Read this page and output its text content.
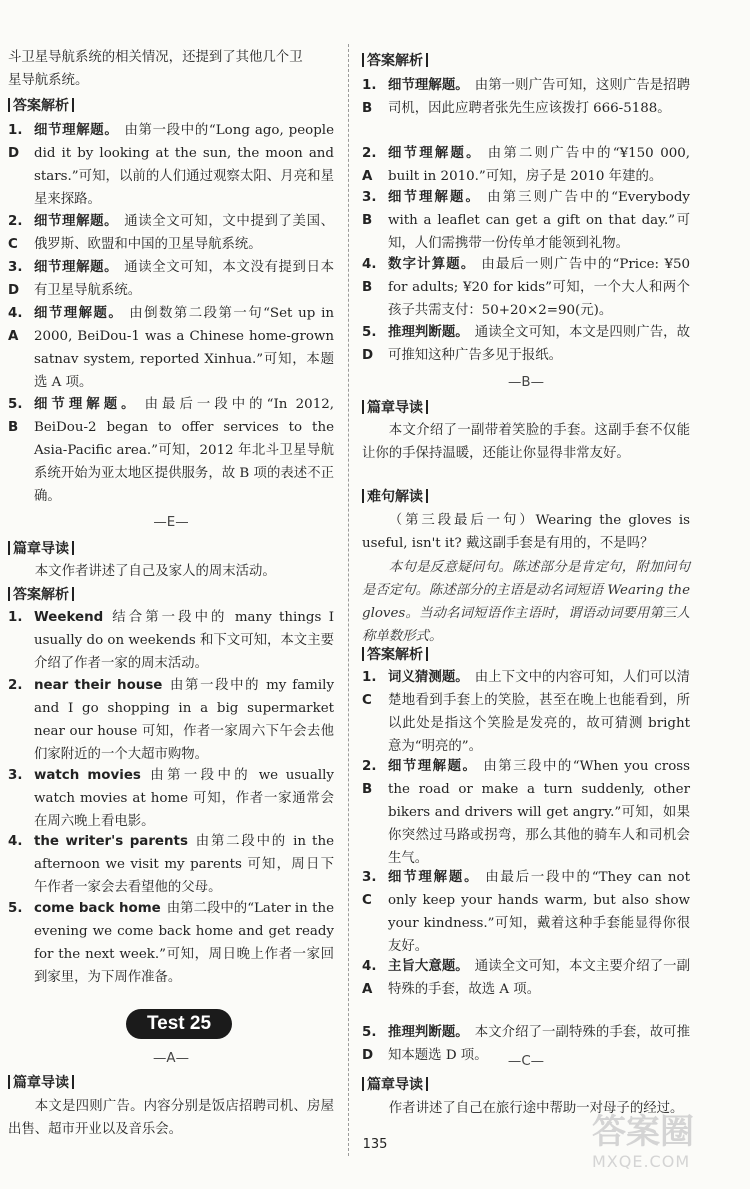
斗卫星导航系统的相关情况，还提到了其他几个卫
星导航系统。
答案解析
1. D
细节理解题。 由第一段中的“Long ago, people did it by looking at the sun, the moon and stars.”可知，以前的人们通过观察太阳、月亮和星星来探路。
2. C
细节理解题。 通读全文可知，文中提到了美国、俄罗斯、欧盟和中国的卫星导航系统。
3. D
细节理解题。 通读全文可知，本文没有提到日本有卫星导航系统。
4. A
细节理解题。 由倒数第二段第一句“Set up in 2000, BeiDou-1 was a Chinese home-grown satnav system, reported Xinhua.”可知，本题选 A 项。
5. B
细节理解题。 由最后一段中的“In 2012, BeiDou-2 began to offer services to the Asia-Pacific area.”可知，2012 年北斗卫星导航系统开始为亚太地区提供服务，故 B 项的表述不正确。
—E—
篇章导读
本文作者讲述了自己及家人的周末活动。
答案解析
1. Weekend 结合第一段中的 many things I usually do on weekends 和下文可知，本文主要介绍了作者一家的周末活动。
2. near their house 由第一段中的 my family and I go shopping in a big supermarket near our house 可知，作者一家周六下午会去他们家附近的一个大超市购物。
3. watch movies 由第一段中的 we usually watch movies at home 可知，作者一家通常会在周六晚上看电影。
4. the writer's parents 由第二段中的 in the afternoon we visit my parents 可知，周日下午作者一家会去看望他的父母。
5. come back home 由第二段中的“Later in the evening we come back home and get ready for the next week.”可知，周日晚上作者一家回到家里，为下周作准备。
Test 25
—A—
篇章导读
本文是四则广告。内容分别是饭店招聘司机、房屋出售、超市开业以及音乐会。
答案解析
1. B
细节理解题。 由第一则广告可知，这则广告是招聘司机，因此应聘者张先生应该拨打 666-5188。
2. A
细节理解题。 由第二则广告中的“¥150 000, built in 2010.”可知，房子是 2010 年建的。
3. B
细节理解题。 由第三则广告中的“Everybody with a leaflet can get a gift on that day.”可知，人们需携带一份传单才能领到礼物。
4. B
数字计算题。 由最后一则广告中的“Price: ¥50 for adults; ¥20 for kids”可知，一个大人和两个孩子共需支付：50+20×2=90(元)。
5. D
推理判断题。 通读全文可知，本文是四则广告，故可推知这种广告多见于报纸。
—B—
篇章导读
本文介绍了一副带着笑脸的手套。这副手套不仅能让你的手保持温暖，还能让你显得非常友好。
难句解读
（第三段最后一句）Wearing the gloves is useful, isn't it? 戴这副手套是有用的，不是吗？
本句是反意疑问句。陈述部分是肯定句，附加问句是否定句。陈述部分的主语是动名词短语 Wearing the gloves。当动名词短语作主语时，谓语动词要用第三人称单数形式。
答案解析
1. C
词义猜测题。 由上下文中的内容可知，人们可以清楚地看到手套上的笑脸，甚至在晚上也能看到，所以此处是指这个笑脸是发亮的，故可猜测 bright 意为“明亮的”。
2. B
细节理解题。 由第三段中的“When you cross the road or make a turn suddenly, other bikers and drivers will get angry.”可知，如果你突然过马路或拐弯，那么其他的骑车人和司机会生气。
3. C
细节理解题。 由最后一段中的“They can not only keep your hands warm, but also show your kindness.”可知，戴着这种手套能显得你很友好。
4. A
主旨大意题。 通读全文可知，本文主要介绍了一副特殊的手套，故选 A 项。
5. D
推理判断题。 本文介绍了一副特殊的手套，故可推知本题选 D 项。	—C—
篇章导读
作者讲述了自己在旅行途中帮助一对母子的经过。
135	答案圈
MXQE.COM
